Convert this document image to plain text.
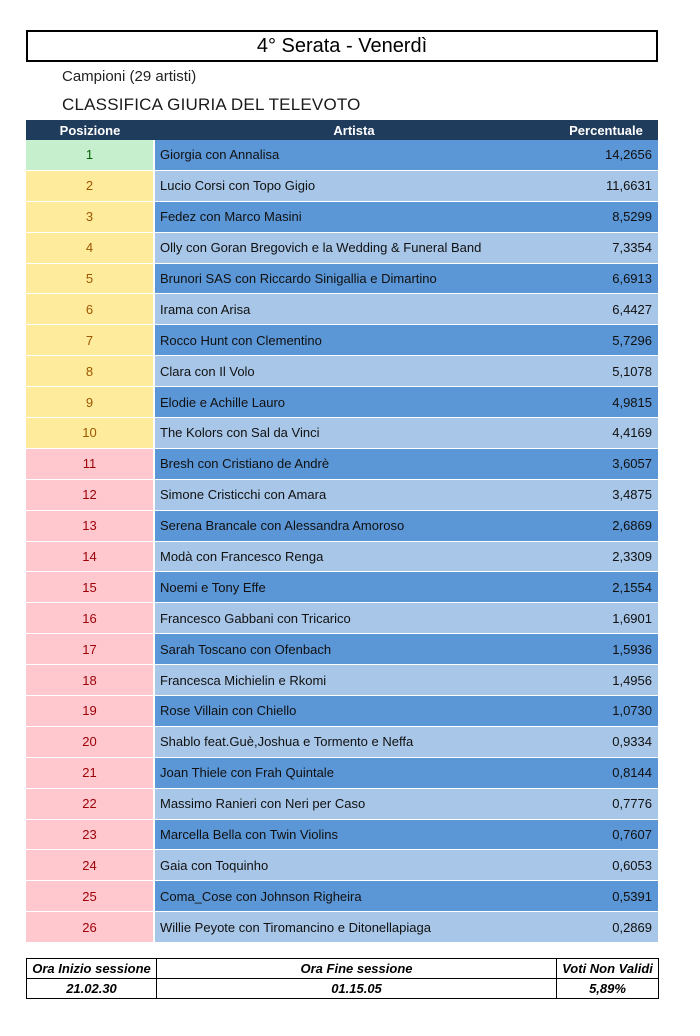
4° Serata - Venerdì
Campioni (29 artisti)
CLASSIFICA GIURIA DEL TELEVOTO
Posizione	Artista	Percentuale
1	Giorgia con Annalisa	14,2656
2	Lucio Corsi con Topo Gigio	11,6631
3	Fedez con Marco Masini	8,5299
4	Olly con Goran Bregovich e la Wedding & Funeral Band	7,3354
5	Brunori SAS con Riccardo Sinigallia e Dimartino	6,6913
6	Irama con Arisa	6,4427
7	Rocco Hunt con Clementino	5,7296
8	Clara con Il Volo	5,1078
9	Elodie e Achille Lauro	4,9815
10	The Kolors con Sal da Vinci	4,4169
11	Bresh con Cristiano de Andrè	3,6057
12	Simone Cristicchi con Amara	3,4875
13	Serena Brancale con Alessandra Amoroso	2,6869
14	Modà con Francesco Renga	2,3309
15	Noemi e Tony Effe	2,1554
16	Francesco Gabbani con Tricarico	1,6901
17	Sarah Toscano con Ofenbach	1,5936
18	Francesca Michielin e Rkomi	1,4956
19	Rose Villain con Chiello	1,0730
20	Shablo feat.Guè,Joshua e Tormento e Neffa	0,9334
21	Joan Thiele con Frah Quintale	0,8144
22	Massimo Ranieri con Neri per Caso	0,7776
23	Marcella Bella con Twin Violins	0,7607
24	Gaia con Toquinho	0,6053
25	Coma_Cose con Johnson Righeira	0,5391
26	Willie Peyote con Tiromancino e Ditonellapiaga	0,2869
Ora Inizio sessione	Ora Fine sessione	Voti Non Validi
21.02.30	01.15.05	5,89%
